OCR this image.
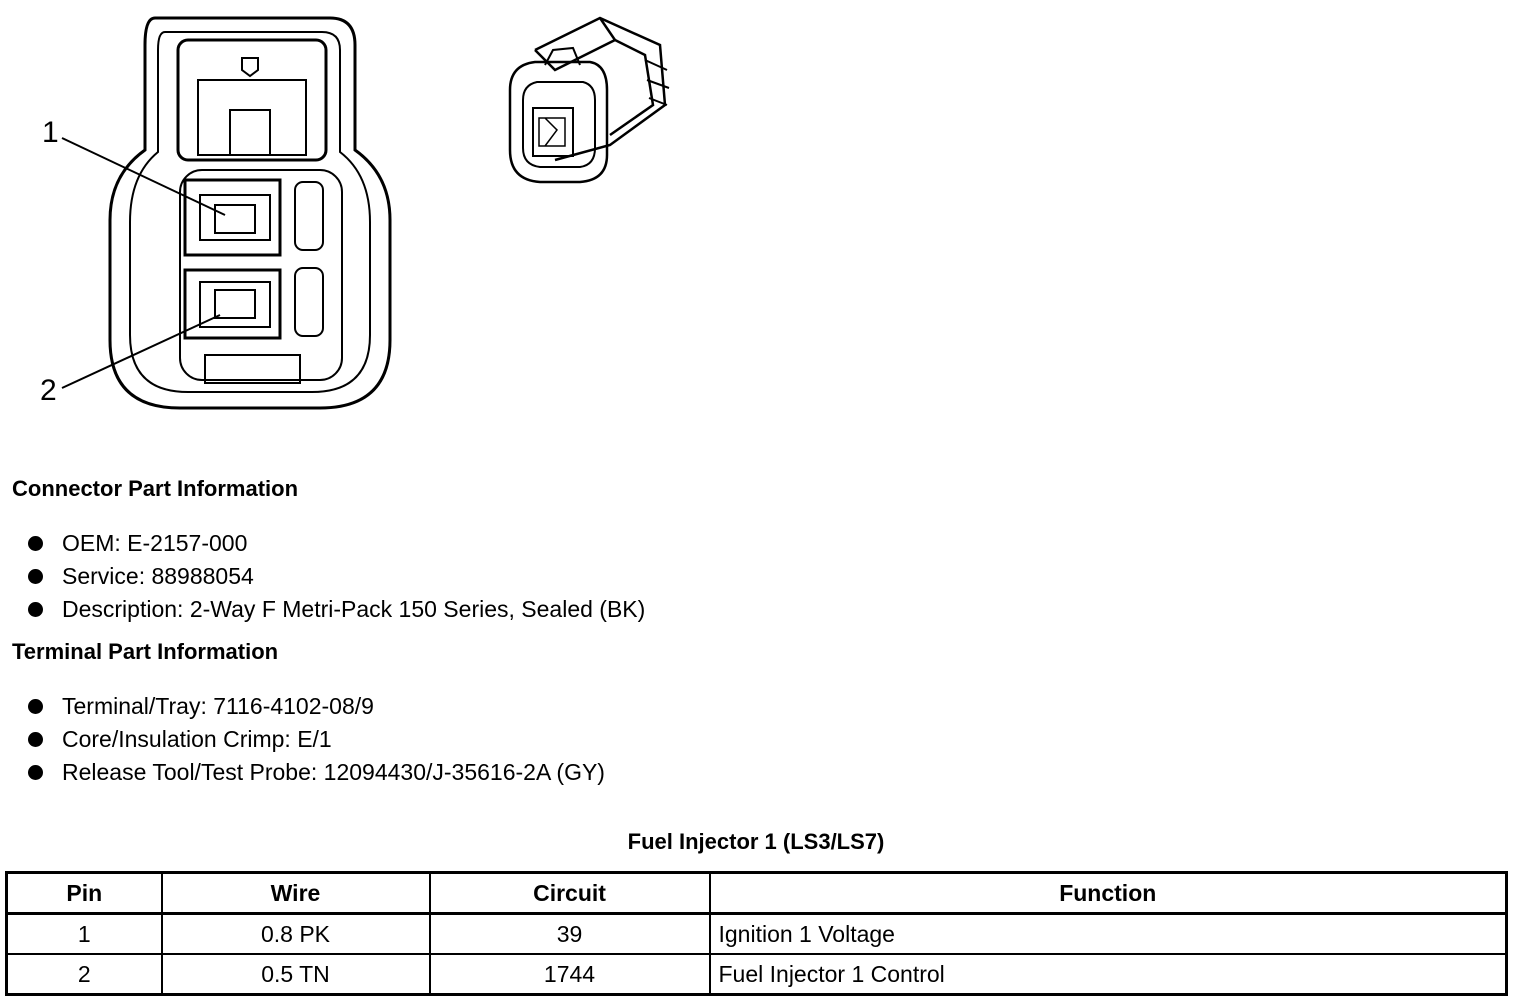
1
2
Connector Part Information
OEM: E-2157-000
Service: 88988054
Description: 2-Way F Metri-Pack 150 Series, Sealed (BK)
Terminal Part Information
Terminal/Tray: 7116-4102-08/9
Core/Insulation Crimp: E/1
Release Tool/Test Probe: 12094430/J-35616-2A (GY)
Fuel Injector 1 (LS3/LS7)
Pin	Wire	Circuit	Function
1	0.8 PK	39	Ignition 1 Voltage
2	0.5 TN	1744	Fuel Injector 1 Control
